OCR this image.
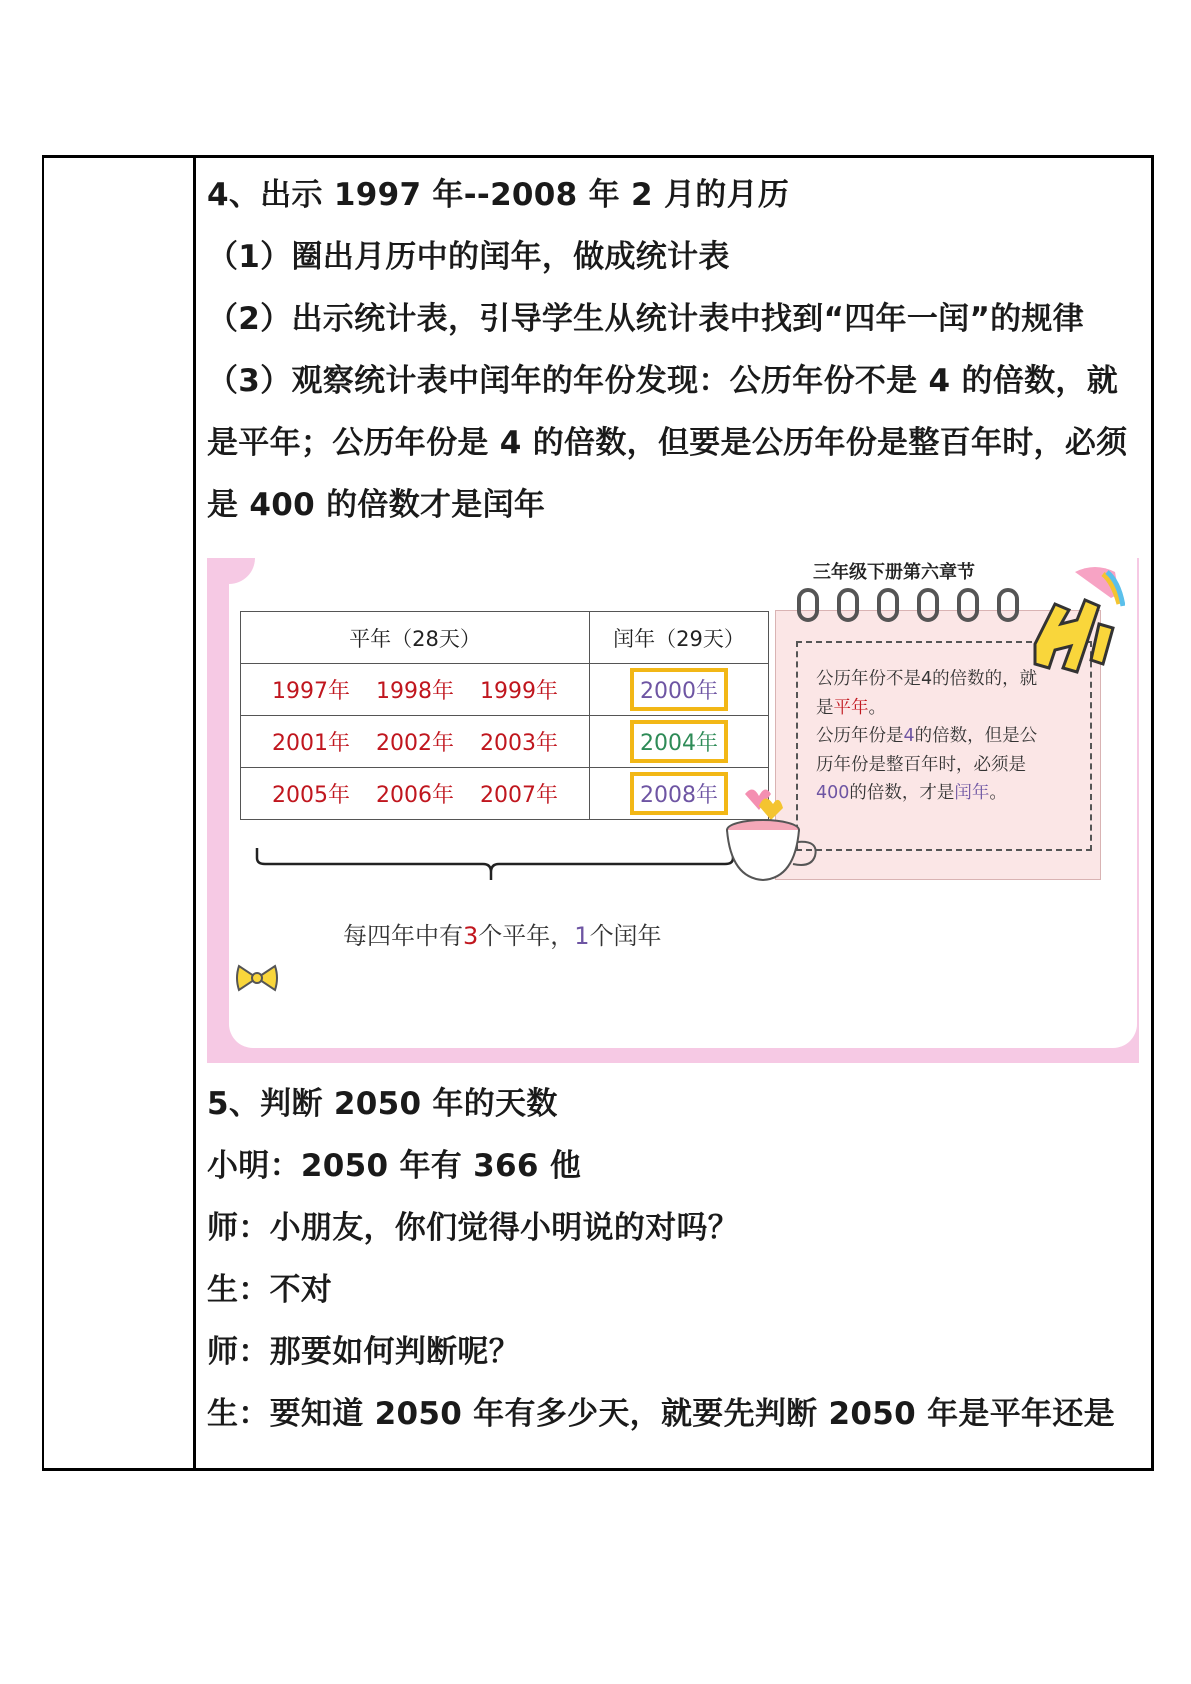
4、出示 1997 年--2008 年 2 月的月历
（1）圈出月历中的闰年，做成统计表
（2）出示统计表，引导学生从统计表中找到“四年一闰”的规律
（3）观察统计表中闰年的年份发现：公历年份不是 4 的倍数，就
是平年；公历年份是 4 的倍数，但要是公历年份是整百年时，必须
是 400 的倍数才是闰年
平年（28天）	闰年（29天）
1997年 1998年 1999年	2000年
2001年 2002年 2003年	2004年
2005年 2006年 2007年	2008年
每四年中有3个平年，1个闰年
公历年份不是4的倍数的，就
是平年。
公历年份是4的倍数，但是公
历年份是整百年时，必须是
400的倍数，才是闰年。
三年级下册第六章节
5、判断 2050 年的天数
小明：2050 年有 366 他
师：小朋友，你们觉得小明说的对吗？
生：不对
师：那要如何判断呢？
生：要知道 2050 年有多少天，就要先判断 2050 年是平年还是
